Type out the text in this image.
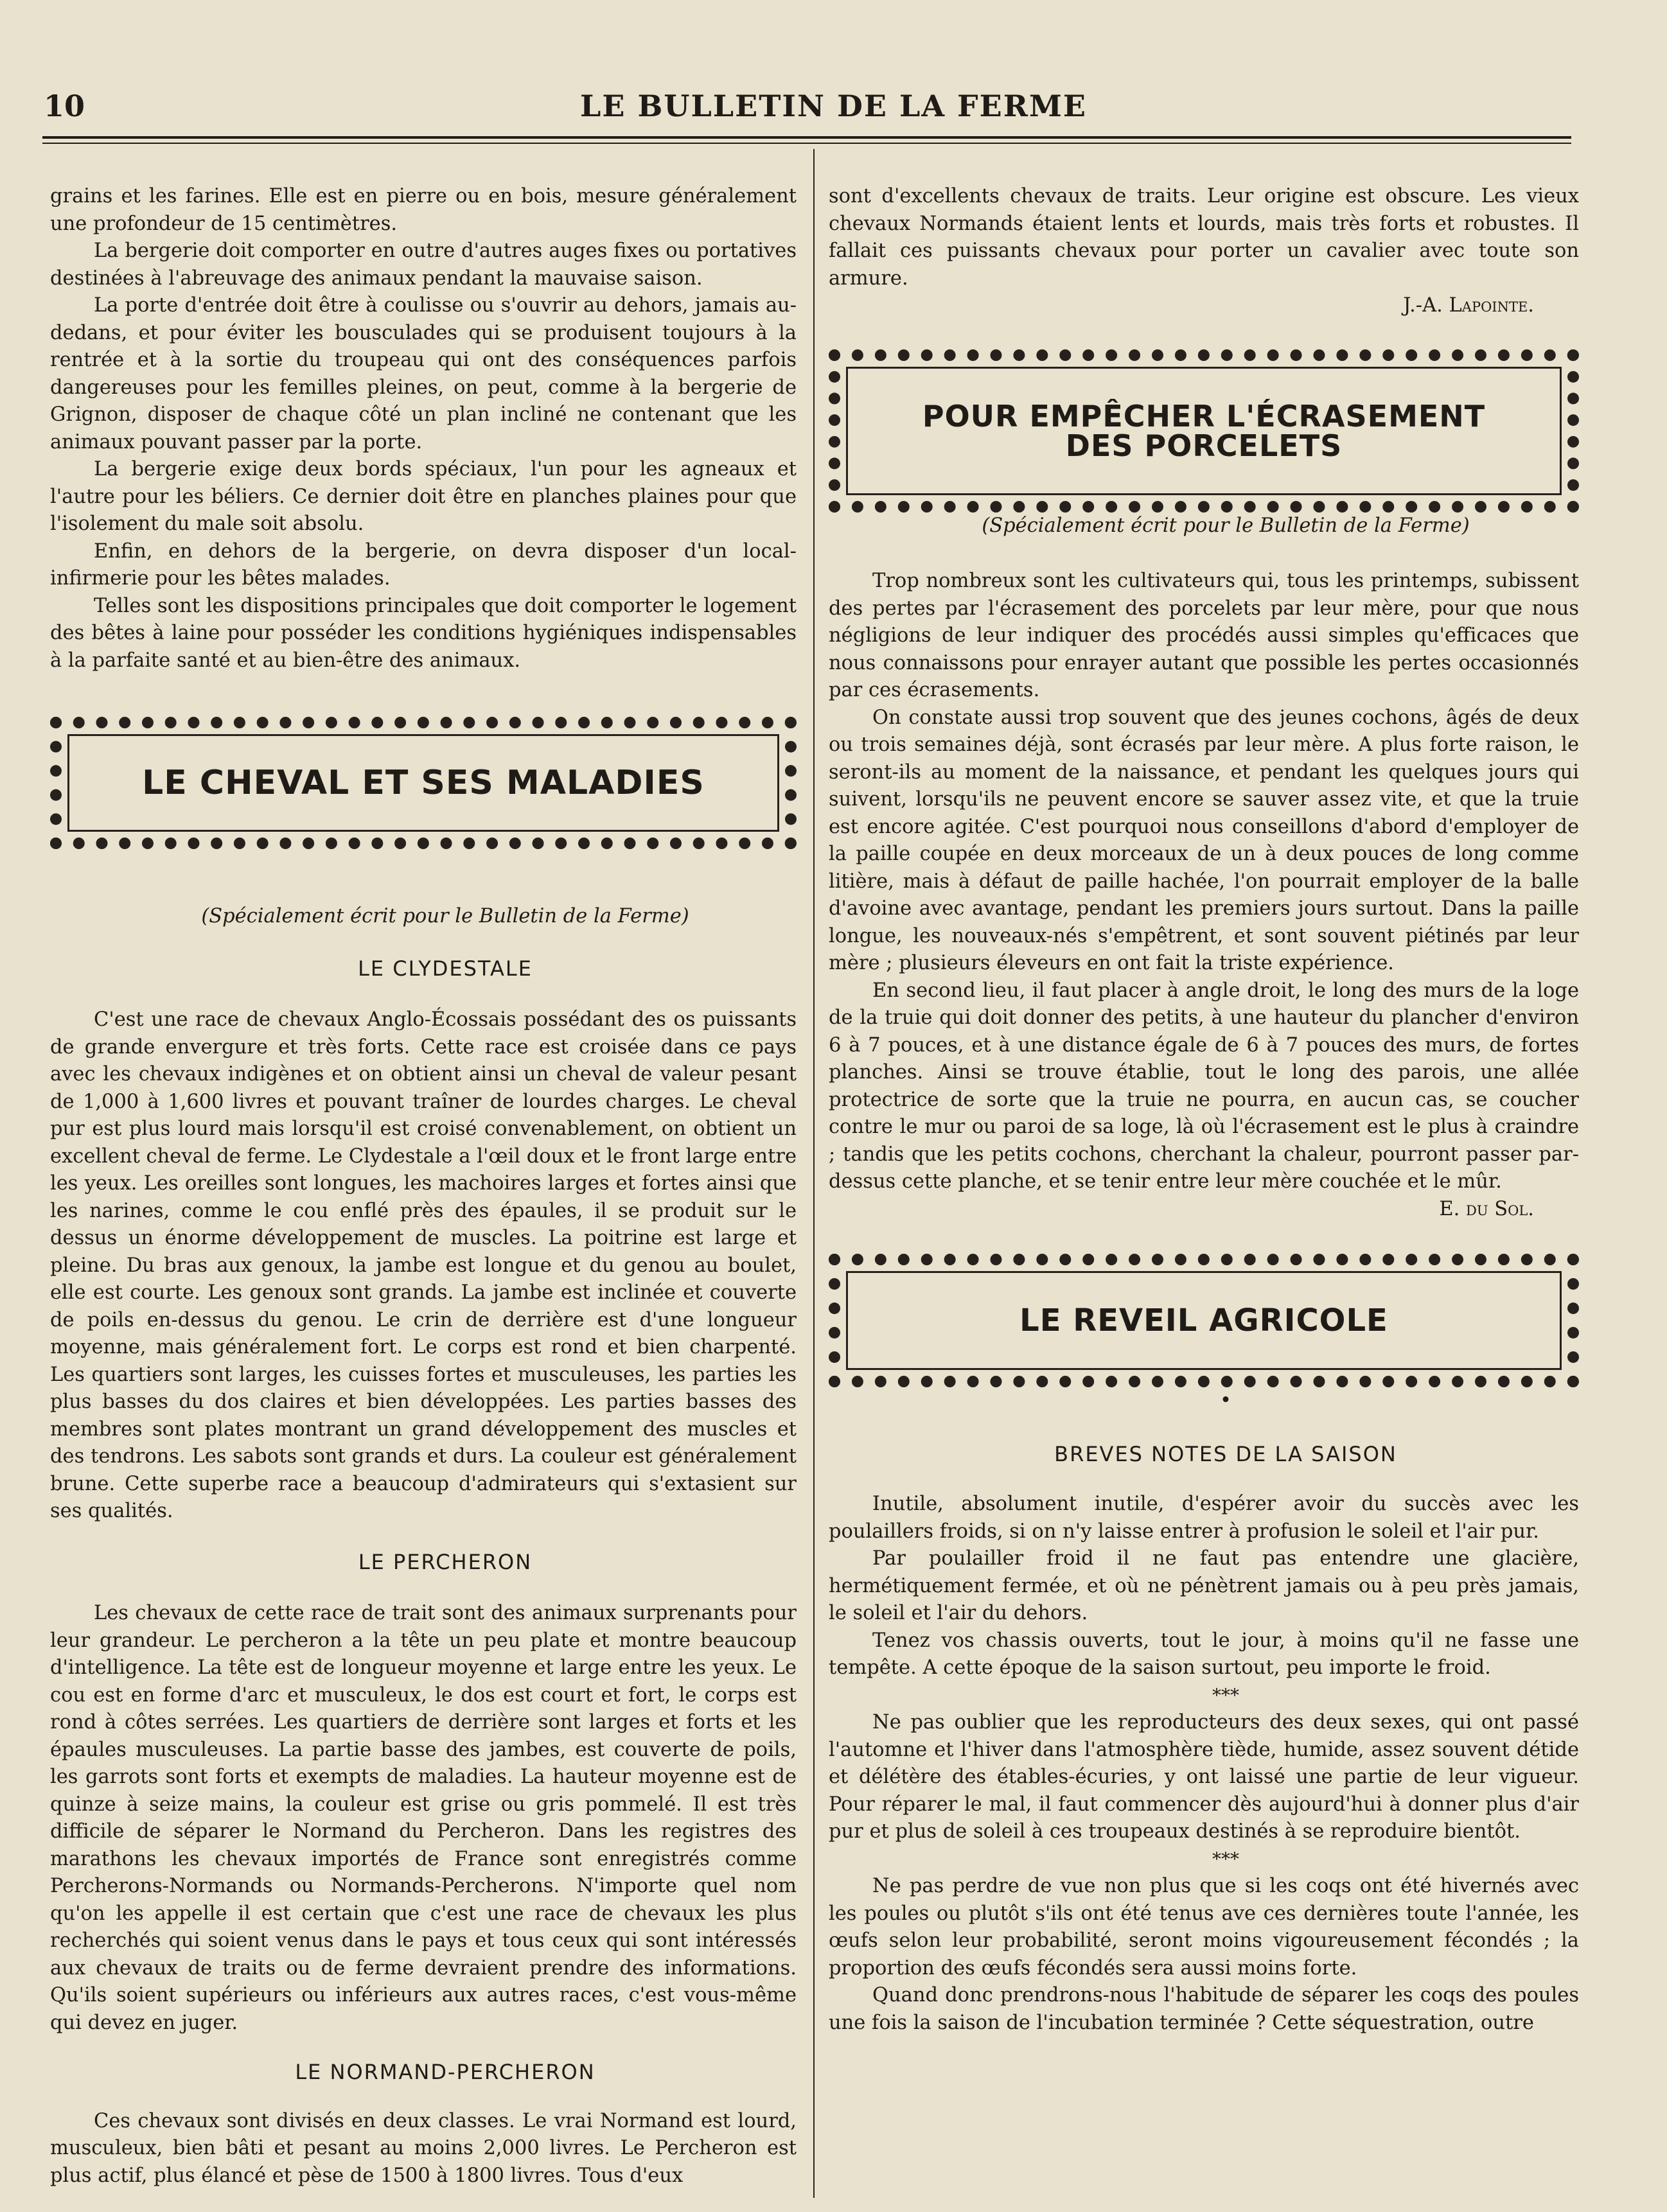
10	LE BULLETIN DE LA FERME

grains et les farines. Elle est en pierre ou en bois, mesure généralement une profondeur de 15 centimètres.

La bergerie doit comporter en outre d'autres auges fixes ou portatives destinées à l'abreuvage des animaux pendant la mauvaise saison.

La porte d'entrée doit être à coulisse ou s'ouvrir au dehors, jamais au-dedans, et pour éviter les bousculades qui se produisent toujours à la rentrée et à la sortie du troupeau qui ont des conséquences parfois dangereuses pour les femilles pleines, on peut, comme à la bergerie de Grignon, disposer de chaque côté un plan incliné ne contenant que les animaux pouvant passer par la porte.

La bergerie exige deux bords spéciaux, l'un pour les agneaux et l'autre pour les béliers. Ce dernier doit être en planches plaines pour que l'isolement du male soit absolu.

Enfin, en dehors de la bergerie, on devra disposer d'un local-infirmerie pour les bêtes malades.

Telles sont les dispositions principales que doit comporter le logement des bêtes à laine pour posséder les conditions hygiéniques indispensables à la parfaite santé et au bien-être des animaux.

LE CHEVAL ET SES MALADIES

(Spécialement écrit pour le Bulletin de la Ferme)

LE CLYDESTALE

C'est une race de chevaux Anglo-Écossais possédant des os puissants de grande envergure et très forts. Cette race est croisée dans ce pays avec les chevaux indigènes et on obtient ainsi un cheval de valeur pesant de 1,000 à 1,600 livres et pouvant traîner de lourdes charges. Le cheval pur est plus lourd mais lorsqu'il est croisé convenablement, on obtient un excellent cheval de ferme. Le Clydestale a l'œil doux et le front large entre les yeux. Les oreilles sont longues, les machoires larges et fortes ainsi que les narines, comme le cou enflé près des épaules, il se produit sur le dessus un énorme développement de muscles. La poitrine est large et pleine. Du bras aux genoux, la jambe est longue et du genou au boulet, elle est courte. Les genoux sont grands. La jambe est inclinée et couverte de poils en-dessus du genou. Le crin de derrière est d'une longueur moyenne, mais généralement fort. Le corps est rond et bien charpenté. Les quartiers sont larges, les cuisses fortes et musculeuses, les parties les plus basses du dos claires et bien développées. Les parties basses des membres sont plates montrant un grand développement des muscles et des tendrons. Les sabots sont grands et durs. La couleur est généralement brune. Cette superbe race a beaucoup d'admirateurs qui s'extasient sur ses qualités.

LE PERCHERON

Les chevaux de cette race de trait sont des animaux surprenants pour leur grandeur. Le percheron a la tête un peu plate et montre beaucoup d'intelligence. La tête est de longueur moyenne et large entre les yeux. Le cou est en forme d'arc et musculeux, le dos est court et fort, le corps est rond à côtes serrées. Les quartiers de derrière sont larges et forts et les épaules musculeuses. La partie basse des jambes, est couverte de poils, les garrots sont forts et exempts de maladies. La hauteur moyenne est de quinze à seize mains, la couleur est grise ou gris pommelé. Il est très difficile de séparer le Normand du Percheron. Dans les registres des marathons les chevaux importés de France sont enregistrés comme Percherons-Normands ou Normands-Percherons. N'importe quel nom qu'on les appelle il est certain que c'est une race de chevaux les plus recherchés qui soient venus dans le pays et tous ceux qui sont intéressés aux chevaux de traits ou de ferme devraient prendre des informations. Qu'ils soient supérieurs ou inférieurs aux autres races, c'est vous-même qui devez en juger.

LE NORMAND-PERCHERON

Ces chevaux sont divisés en deux classes. Le vrai Normand est lourd, musculeux, bien bâti et pesant au moins 2,000 livres. Le Percheron est plus actif, plus élancé et pèse de 1500 à 1800 livres. Tous d'eux

sont d'excellents chevaux de traits. Leur origine est obscure. Les vieux chevaux Normands étaient lents et lourds, mais très forts et robustes. Il fallait ces puissants chevaux pour porter un cavalier avec toute son armure.

J.-A. Lapointe.

POUR EMPÊCHER L'ÉCRASEMENT
DES PORCELETS

(Spécialement écrit pour le Bulletin de la Ferme)

Trop nombreux sont les cultivateurs qui, tous les printemps, subissent des pertes par l'écrasement des porcelets par leur mère, pour que nous négligions de leur indiquer des procédés aussi simples qu'efficaces que nous connaissons pour enrayer autant que possible les pertes occasionnés par ces écrasements.

On constate aussi trop souvent que des jeunes cochons, âgés de deux ou trois semaines déjà, sont écrasés par leur mère. A plus forte raison, le seront-ils au moment de la naissance, et pendant les quelques jours qui suivent, lorsqu'ils ne peuvent encore se sauver assez vite, et que la truie est encore agitée. C'est pourquoi nous conseillons d'abord d'employer de la paille coupée en deux morceaux de un à deux pouces de long comme litière, mais à défaut de paille hachée, l'on pourrait employer de la balle d'avoine avec avantage, pendant les premiers jours surtout. Dans la paille longue, les nouveaux-nés s'empêtrent, et sont souvent piétinés par leur mère ; plusieurs éleveurs en ont fait la triste expérience.

En second lieu, il faut placer à angle droit, le long des murs de la loge de la truie qui doit donner des petits, à une hauteur du plancher d'environ 6 à 7 pouces, et à une distance égale de 6 à 7 pouces des murs, de fortes planches. Ainsi se trouve établie, tout le long des parois, une allée protectrice de sorte que la truie ne pourra, en aucun cas, se coucher contre le mur ou paroi de sa loge, là où l'écrasement est le plus à craindre ; tandis que les petits cochons, cherchant la chaleur, pourront passer par-dessus cette planche, et se tenir entre leur mère couchée et le mûr.

E. du Sol.

LE REVEIL AGRICOLE

•

BREVES NOTES DE LA SAISON

Inutile, absolument inutile, d'espérer avoir du succès avec les poulaillers froids, si on n'y laisse entrer à profusion le soleil et l'air pur.

Par poulailler froid il ne faut pas entendre une glacière, hermétiquement fermée, et où ne pénètrent jamais ou à peu près jamais, le soleil et l'air du dehors.

Tenez vos chassis ouverts, tout le jour, à moins qu'il ne fasse une tempête. A cette époque de la saison surtout, peu importe le froid.

***

Ne pas oublier que les reproducteurs des deux sexes, qui ont passé l'automne et l'hiver dans l'atmosphère tiède, humide, assez souvent détide et délétère des étables-écuries, y ont laissé une partie de leur vigueur. Pour réparer le mal, il faut commencer dès aujourd'hui à donner plus d'air pur et plus de soleil à ces troupeaux destinés à se reproduire bientôt.

***

Ne pas perdre de vue non plus que si les coqs ont été hivernés avec les poules ou plutôt s'ils ont été tenus ave ces dernières toute l'année, les œufs selon leur probabilité, seront moins vigoureusement fécondés ; la proportion des œufs fécondés sera aussi moins forte.

Quand donc prendrons-nous l'habitude de séparer les coqs des poules une fois la saison de l'incubation terminée ? Cette séquestration, outre
